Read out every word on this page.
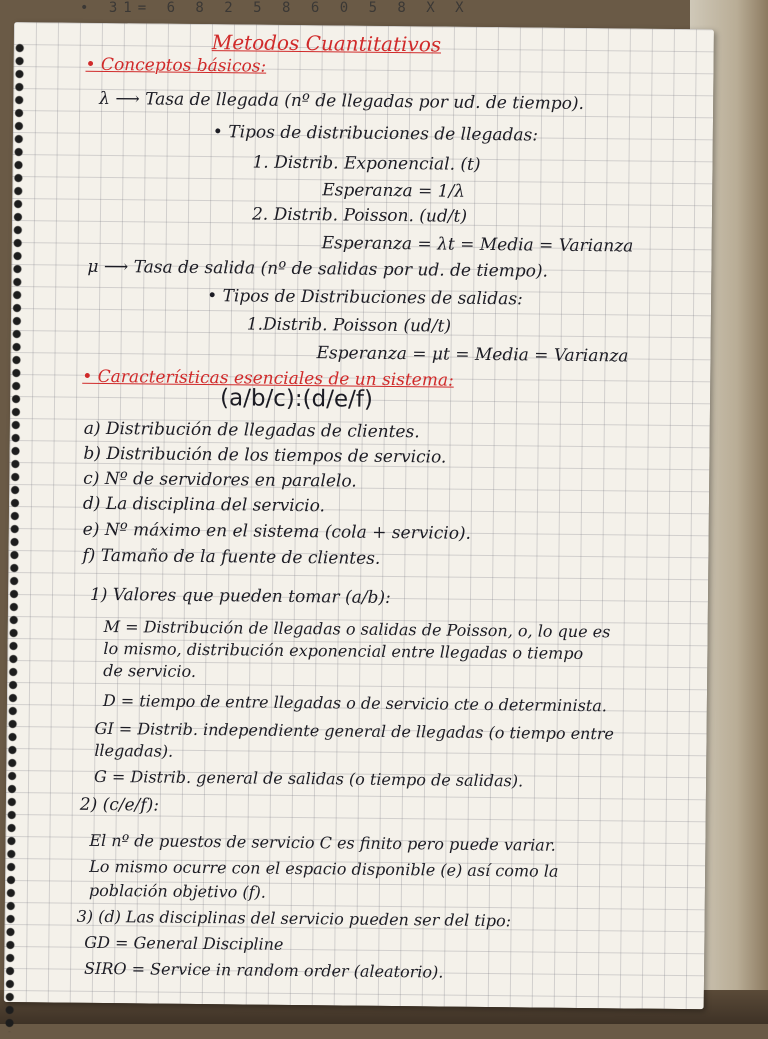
• 31= 6 8 2 5 8 6 0 5 8 X X
Metodos Cuantitativos
• Conceptos básicos:
λ ⟶ Tasa de llegada (nº de llegadas por ud. de tiempo).
• Tipos de distribuciones de llegadas:
1. Distrib. Exponencial. (t)
Esperanza = 1/λ
2. Distrib. Poisson. (ud/t)
Esperanza = λt = Media = Varianza
μ ⟶ Tasa de salida (nº de salidas por ud. de tiempo).
• Tipos de Distribuciones de salidas:
1.Distrib. Poisson (ud/t)
Esperanza = μt = Media = Varianza
• Características esenciales de un sistema:
(a/b/c):(d/e/f)
a) Distribución de llegadas de clientes.
b) Distribución de los tiempos de servicio.
c) Nº de servidores en paralelo.
d) La disciplina del servicio.
e) Nº máximo en el sistema (cola + servicio).
f) Tamaño de la fuente de clientes.
1) Valores que pueden tomar (a/b):
M = Distribución de llegadas o salidas de Poisson, o, lo que es
lo mismo, distribución exponencial entre llegadas o tiempo
de servicio.
D = tiempo de entre llegadas o de servicio cte o determinista.
GI = Distrib. independiente general de llegadas (o tiempo entre
llegadas).
G = Distrib. general de salidas (o tiempo de salidas).
2) (c/e/f):
El nº de puestos de servicio C es finito pero puede variar.
Lo mismo ocurre con el espacio disponible (e) así como la
población objetivo (f).
3) (d) Las disciplinas del servicio pueden ser del tipo:
GD = General Discipline
SIRO = Service in random order (aleatorio).
